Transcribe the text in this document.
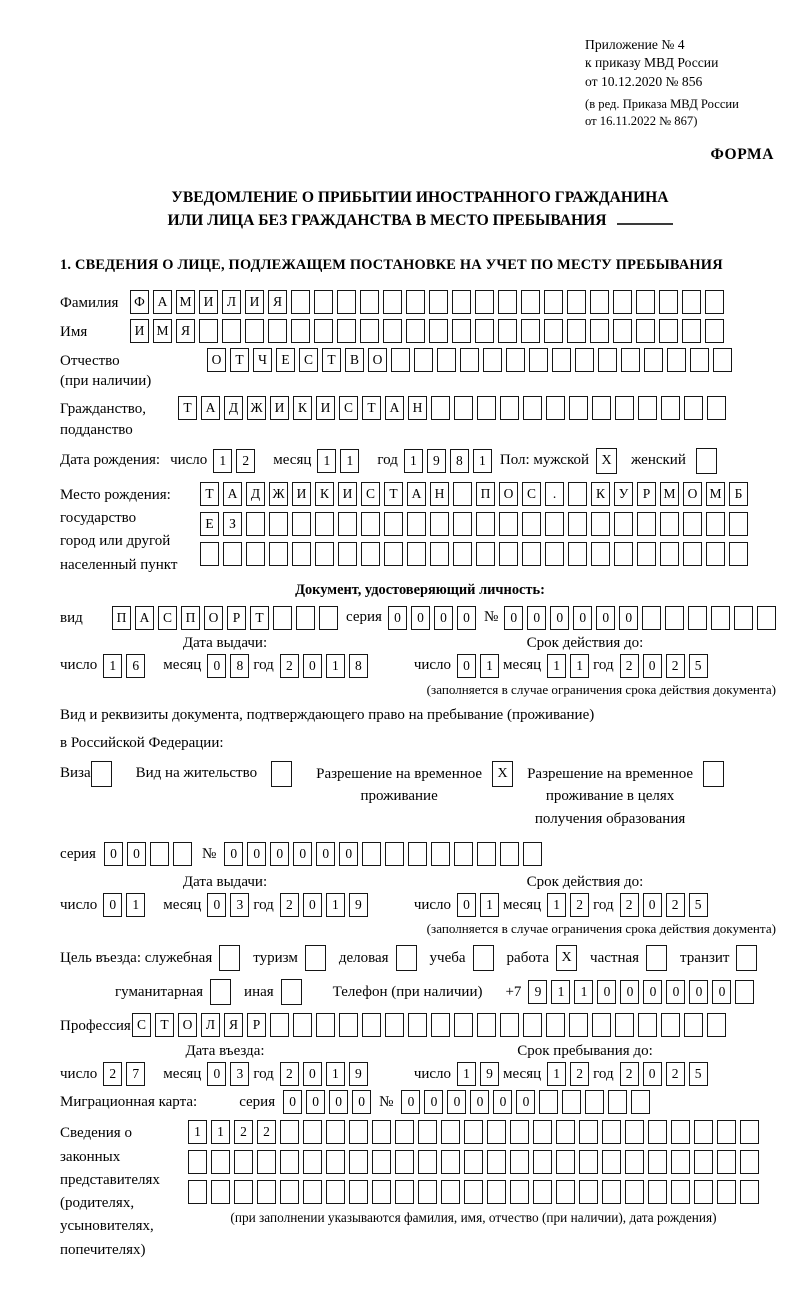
Приложение № 4
к приказу МВД России
от 10.12.2020 № 856
(в ред. Приказа МВД России
от 16.11.2022 № 867)
ФОРМА
УВЕДОМЛЕНИЕ О ПРИБЫТИИ ИНОСТРАННОГО ГРАЖДАНИНА
ИЛИ ЛИЦА БЕЗ ГРАЖДАНСТВА В МЕСТО ПРЕБЫВАНИЯ
1. СВЕДЕНИЯ О ЛИЦЕ, ПОДЛЕЖАЩЕМ ПОСТАНОВКЕ НА УЧЕТ ПО МЕСТУ ПРЕБЫВАНИЯ
Фамилия	Ф А М И	Л	И	Я
Имя	И М Я
Отчество
(при наличии)
О	Т	Ч	Е	С	Т	В	О
Гражданство,
подданство
Т	А	Д Ж И	К	И	С	Т	А Н
Дата рождения: число 1	2	месяц 1	1	год 1	9	8	1 Пол: мужской X	женский
Место рождения:
государство
город или другой
населенный пункт
Т	А	Д Ж И	К	И	С	Т	А Н	П О	С	.	К	У	Р М О М Б
Е	З
Документ, удостоверяющий личность:
вид	П А	С	П О	Р	Т	серия 0	0	0	0 № 0	0	0	0	0	0
Дата выдачи:	Срок действия до:
число 1	6	месяц 0	8 год 2	0	1	8	число 0	1 месяц 1	1 год 2	0	2	5
(заполняется в случае ограничения срока действия документа)
Вид и реквизиты документа, подтверждающего право на пребывание (проживание)
в Российской Федерации:
Виза	Вид на жительство	Разрешение на временное
проживание
X	Разрешение на временное
проживание в целях
получения образования
серия	0	0	№	0	0	0	0	0	0
Дата выдачи:	Срок действия до:
число 0	1	месяц 0	3 год 2	0	1	9	число 0	1 месяц 1	2 год 2	0	2	5
(заполняется в случае ограничения срока действия документа)
Цель въезда: служебная	туризм	деловая	учеба	работа X	частная	транзит
гуманитарная	иная	Телефон (при наличии) +7 9	1	1	0	0	0	0	0	0
Профессия С	Т	О	Л	Я	Р
Дата въезда:	Срок пребывания до:
число 2	7	месяц 0	3 год 2	0	1	9	число 1	9 месяц 1	2 год 2	0	2	5
Миграционная карта:	серия	0	0	0	0 №	0	0	0	0	0	0
Сведения о
законных
представителях
(родителях,
усыновителях,
попечителях)
1	1	2	2
(при заполнении указываются фамилия, имя, отчество (при наличии), дата рождения)
